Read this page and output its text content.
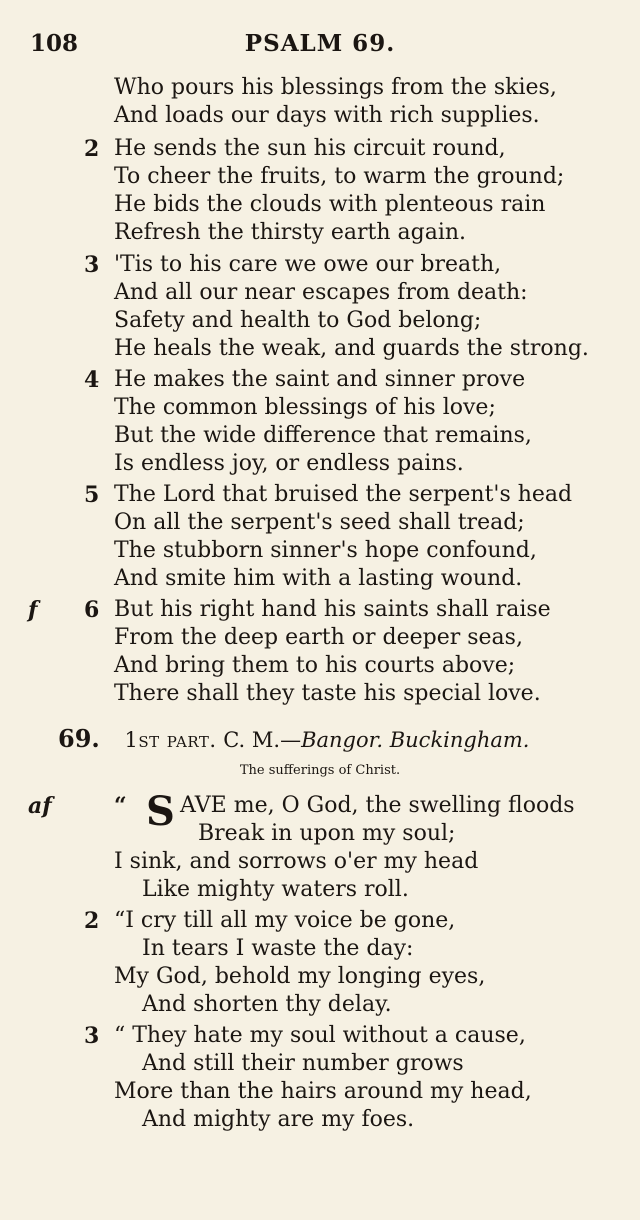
108	PSALM 69.
Who pours his blessings from the skies,
And loads our days with rich supplies.
2 He sends the sun his circuit round,
To cheer the fruits, to warm the ground;
He bids the clouds with plenteous rain
Refresh the thirsty earth again.
3 'Tis to his care we owe our breath,
And all our near escapes from death:
Safety and health to God belong;
He heals the weak, and guards the strong.
4 He makes the saint and sinner prove
The common blessings of his love;
But the wide difference that remains,
Is endless joy, or endless pains.
5 The Lord that bruised the serpent's head
On all the serpent's seed shall tread;
The stubborn sinner's hope confound,
And smite him with a lasting wound.
f 6 But his right hand his saints shall raise
From the deep earth or deeper seas,
And bring them to his courts above;
There shall they taste his special love.
69. 1st part. C. M.—Bangor. Buckingham.
The sufferings of Christ.
af	“ S AVE me, O God, the swelling floods
Break in upon my soul;
I sink, and sorrows o'er my head
Like mighty waters roll.
2 “I cry till all my voice be gone,
In tears I waste the day:
My God, behold my longing eyes,
And shorten thy delay.
3 “ They hate my soul without a cause,
And still their number grows
More than the hairs around my head,
And mighty are my foes.
